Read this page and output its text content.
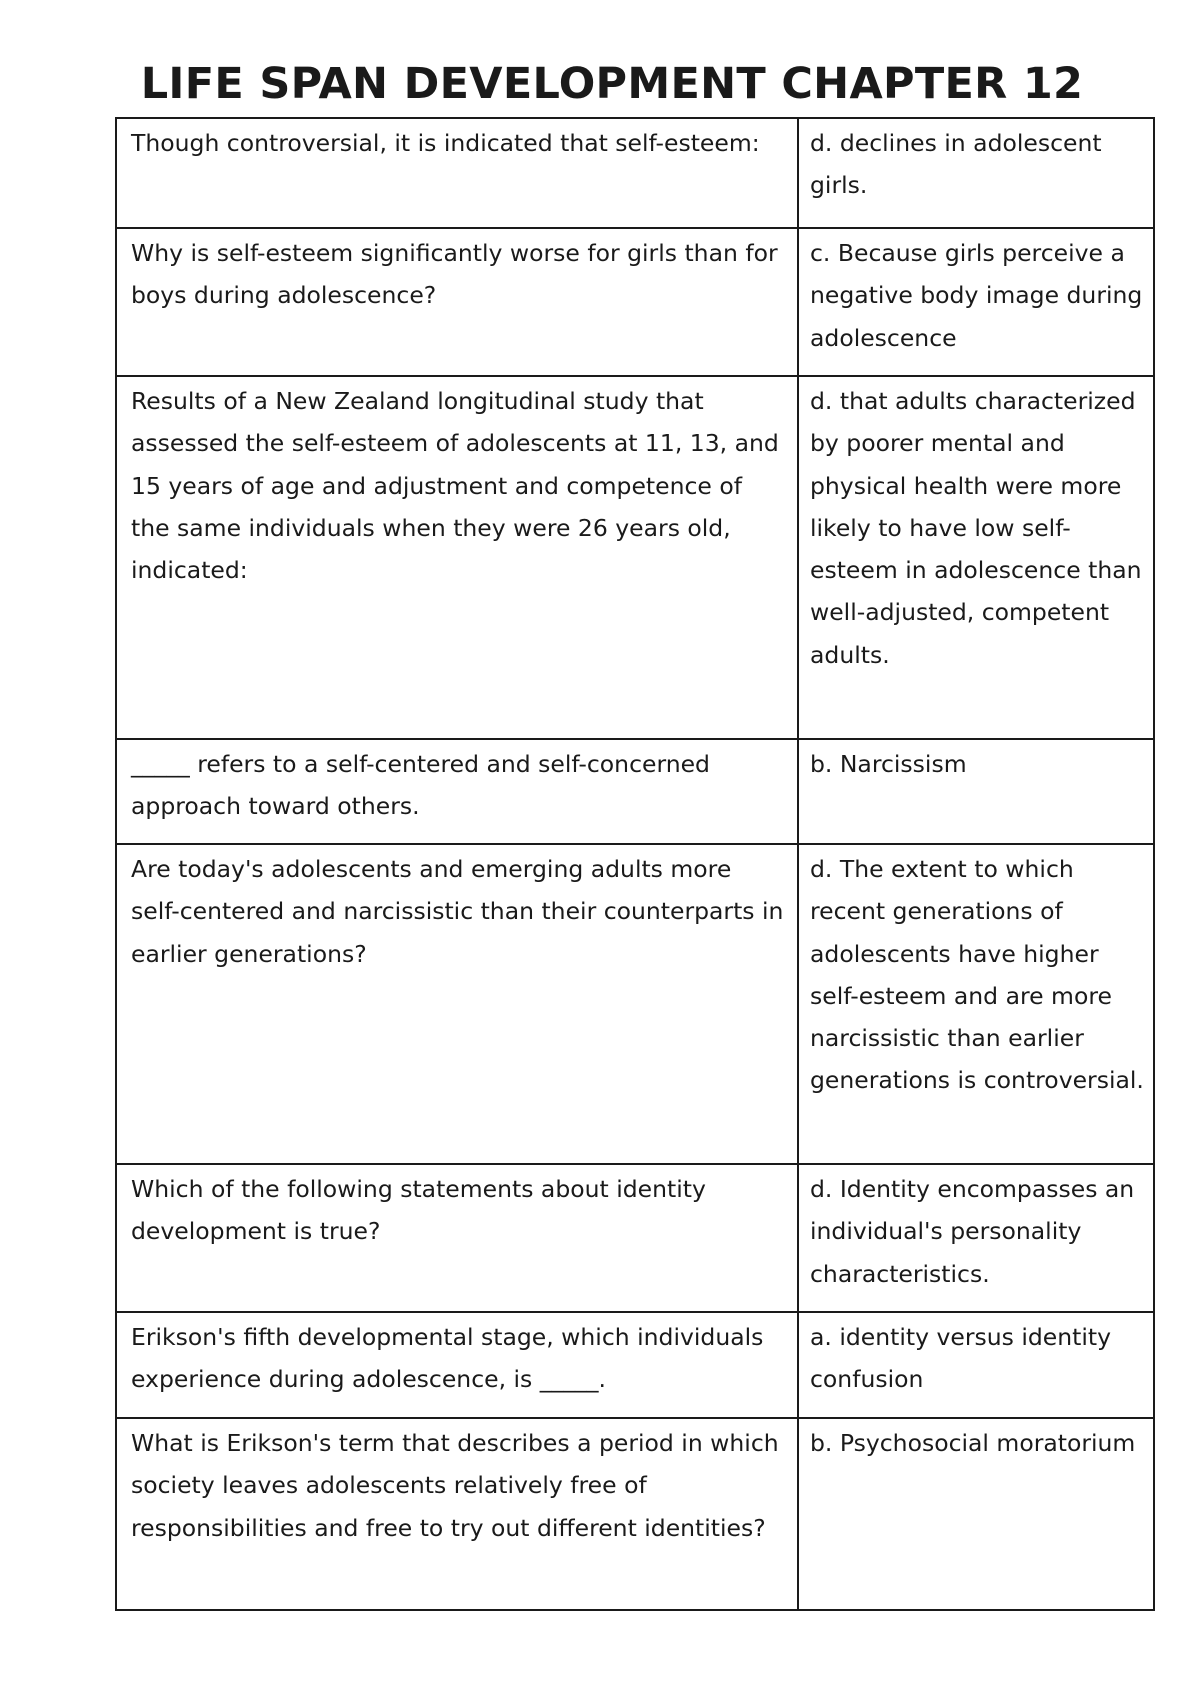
LIFE SPAN DEVELOPMENT CHAPTER 12
Though controversial, it is indicated that self-esteem:	d. declines in adolescent girls.
Why is self-esteem significantly worse for girls than for boys during adolescence?	c. Because girls perceive a negative body image during adolescence
Results of a New Zealand longitudinal study that assessed the self-esteem of adolescents at 11, 13, and 15 years of age and adjustment and competence of the same individuals when they were 26 years old, indicated:	d. that adults characterized by poorer mental and physical health were more likely to have low self-esteem in adolescence than well-adjusted, competent adults.
_____ refers to a self-centered and self-concerned approach toward others.	b. Narcissism
Are today's adolescents and emerging adults more self-centered and narcissistic than their counterparts in earlier generations?	d. The extent to which recent generations of adolescents have higher self-esteem and are more narcissistic than earlier generations is controversial.
Which of the following statements about identity development is true?	d. Identity encompasses an individual's personality characteristics.
Erikson's fifth developmental stage, which individuals experience during adolescence, is _____.	a. identity versus identity confusion
What is Erikson's term that describes a period in which society leaves adolescents relatively free of responsibilities and free to try out different identities?	b. Psychosocial moratorium
